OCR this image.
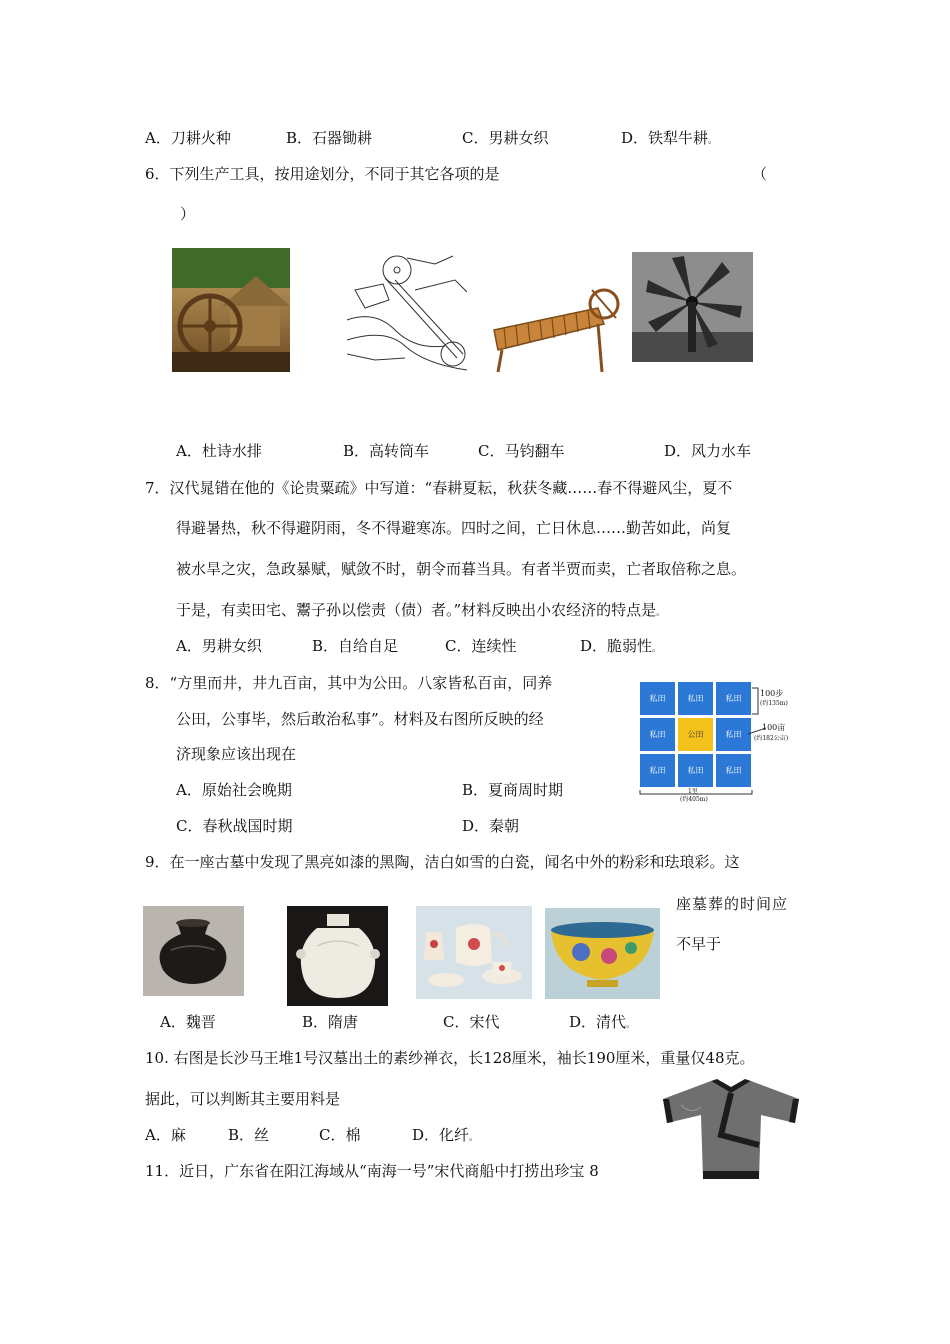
A．刀耕火种	B．石器锄耕	C．男耕女织	D．铁犁牛耕。
6．下列生产工具，按用途划分，不同于其它各项的是	（
）
A．杜诗水排	B．高转筒车	C．马钧翻车	D．风力水车
7．汉代晁错在他的《论贵粟疏》中写道：“春耕夏耘，秋获冬藏……春不得避风尘，夏不
得避暑热，秋不得避阴雨，冬不得避寒冻。四时之间，亡日休息……勤苦如此，尚复
被水旱之灾，急政暴赋，赋敛不时，朝令而暮当具。有者半贾而卖，亡者取倍称之息。
于是，有卖田宅、鬻子孙以偿责（债）者。”材料反映出小农经济的特点是。
A．男耕女织	B．自给自足	C．连续性	D．脆弱性。
8．“方里而井，井九百亩，其中为公田。八家皆私百亩，同养
公田，公事毕，然后敢治私事”。材料及右图所反映的经
济现象应该出现在
A．原始社会晚期	B．夏商周时期
C．春秋战国时期	D．秦朝
私田	私田	私田
私田	公田	私田
私田	私田	私田
100步
(约135m)
100亩
(约182公亩)
1里
(约405m)
9．在一座古墓中发现了黑亮如漆的黑陶，洁白如雪的白瓷，闻名中外的粉彩和珐琅彩。这
座墓葬的时间应
不早于
A．魏晋	B．隋唐	C．宋代	D．清代。
10. 右图是长沙马王堆1号汉墓出土的素纱禅衣，长128厘米，袖长190厘米，重量仅48克。
据此，可以判断其主要用料是
A．麻	B．丝	C．棉	D．化纤。
11．近日，广东省在阳江海域从“南海一号”宋代商船中打捞出珍宝 8
